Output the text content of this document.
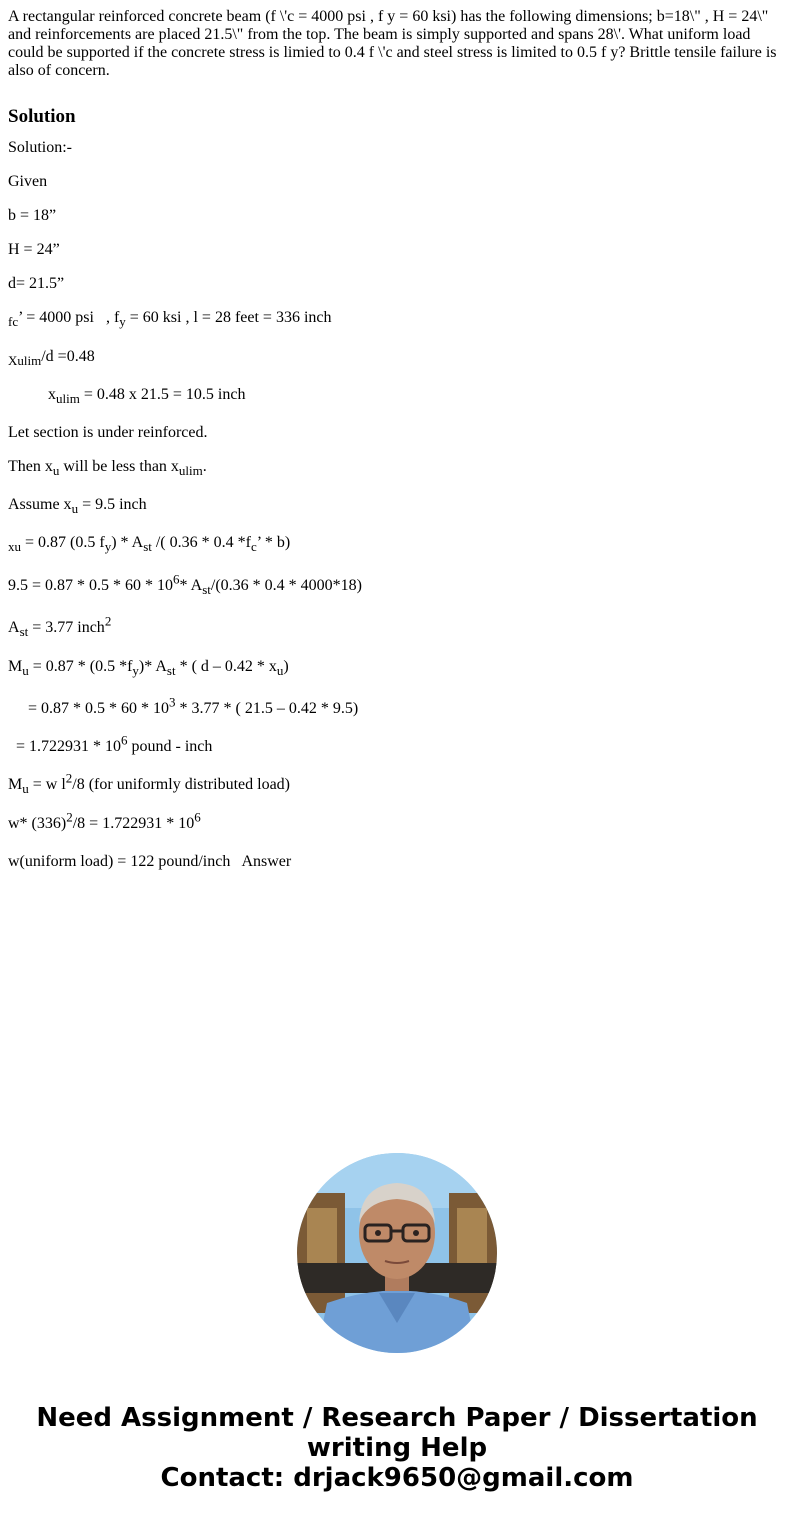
A rectangular reinforced concrete beam (f \'c = 4000 psi , f y = 60 ksi) has the following dimensions; b=18\" , H = 24\" and reinforcements are placed 21.5\" from the top. The beam is simply supported and spans 28\'. What uniform load could be supported if the concrete stress is limied to 0.4 f \'c and steel stress is limited to 0.5 f y? Brittle tensile failure is also of concern.

Solution

Solution:-

Given

b = 18”

H = 24”

d= 21.5”

$_{fc}$’ = 4000 psi   , $f_y = 60$ ksi , l = 28 feet = 336 inch

$_{Xulim}$/d =0.48

$x_{ulim} = 0.48$ x 21.5 = 10.5 inch

Let section is under reinforced.

Then $x_u$ will be less than $x_{ulim}$.

Assume $x_u = 9.5$ inch

$_{xu}$ = 0.87 (0.5 $f_y) * A_{st}$ /( 0.36 * 0.4 $*f_c$’ * b)

$9.5 = 0.87 * 0.5 * 60 * 10^6*$ $A_{st}/(0.36 * 0.4 * 4000*18)$

$A_{st} = 3.77$ inch$^2$

$M_u = 0.87 * (0.5$ $*f_y)*$ $A_{st}$ * ( d – $0.42 * x_u$)

= $0.87 * 0.5 * 60 * 10^3 * 3.77$ * ( 21.5 – 0.42 * 9.5)

= $1.722931 * 10^6$ pound - inch

$M_u = w$ $l^2/8$ (for uniformly distributed load)

w* $(336)^2/8 = 1.722931 * 10^6$

w(uniform load) = 122 pound/inch   Answer

Need Assignment / Research Paper / Dissertation
writing Help
Contact: drjack9650@gmail.com
